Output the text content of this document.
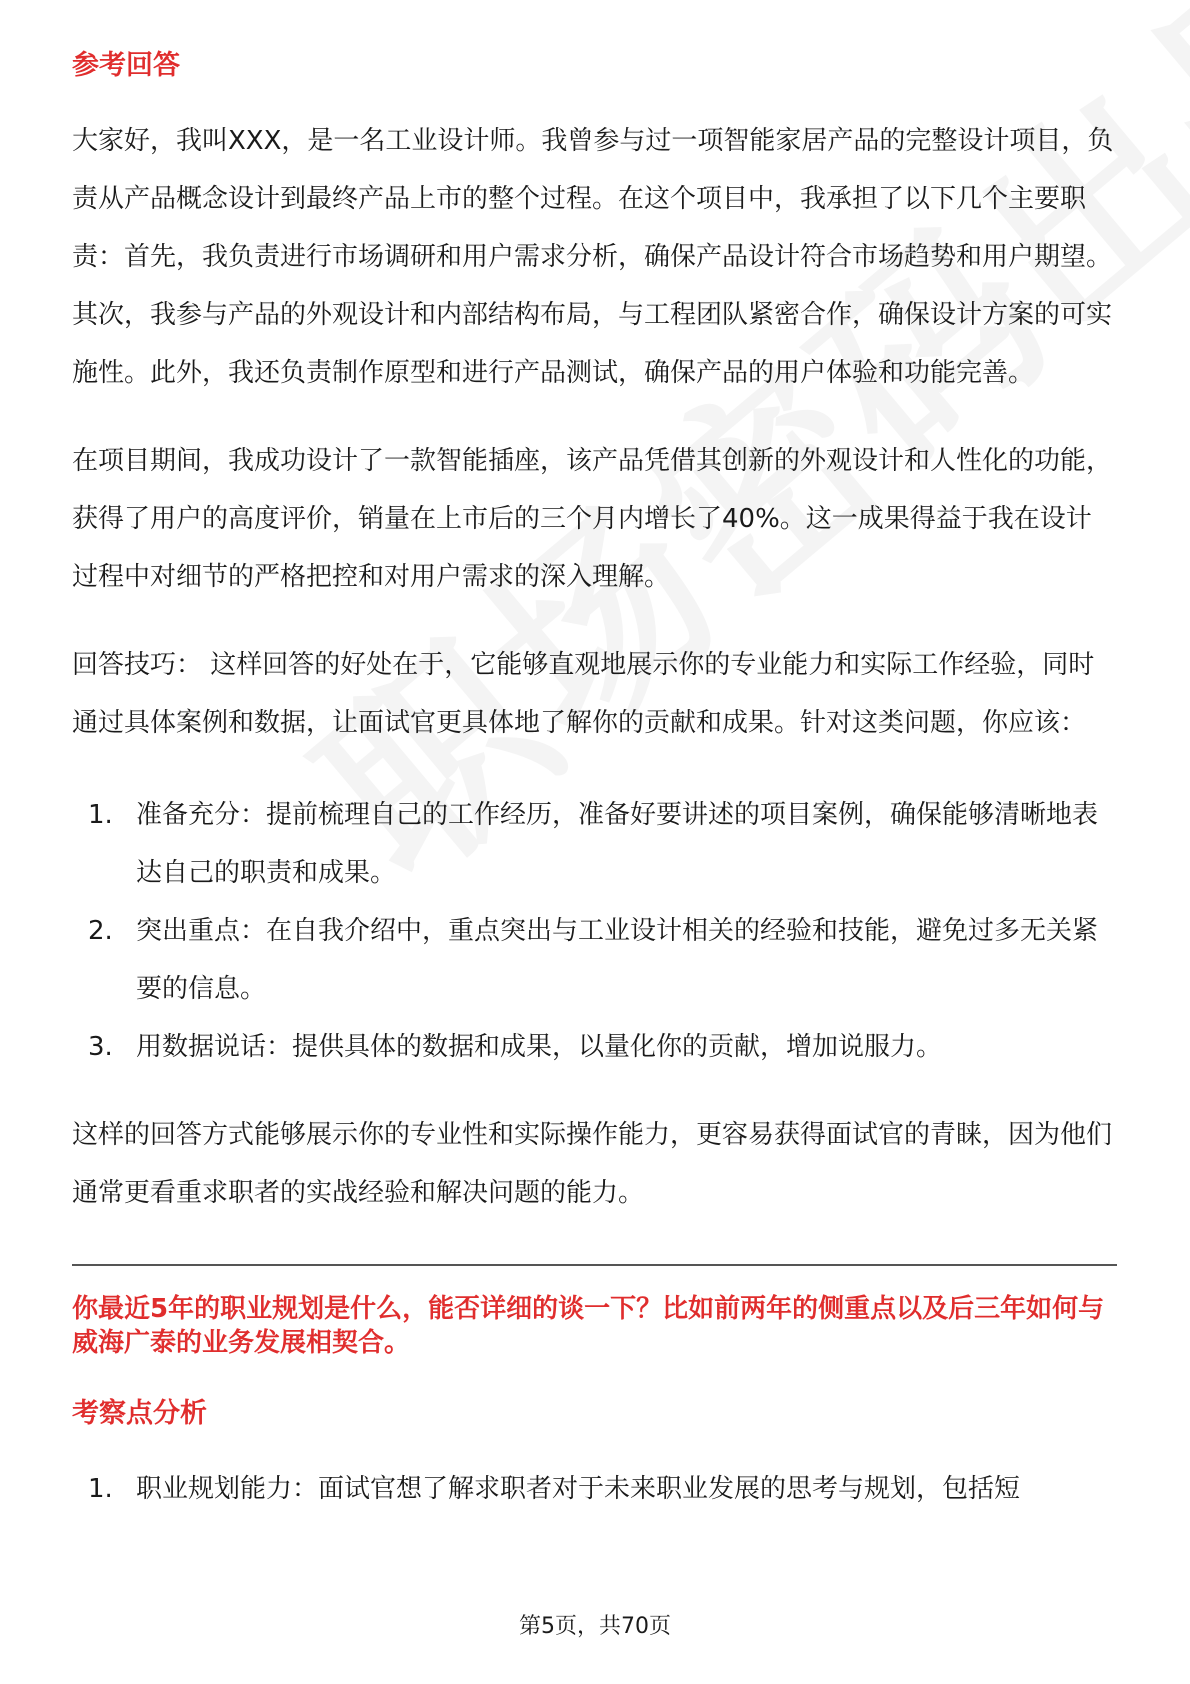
参考回答

大家好，我叫XXX，是一名工业设计师。我曾参与过一项智能家居产品的完整设计项目，负责从产品概念设计到最终产品上市的整个过程。在这个项目中，我承担了以下几个主要职责：首先，我负责进行市场调研和用户需求分析，确保产品设计符合市场趋势和用户期望。其次，我参与产品的外观设计和内部结构布局，与工程团队紧密合作，确保设计方案的可实施性。此外，我还负责制作原型和进行产品测试，确保产品的用户体验和功能完善。

在项目期间，我成功设计了一款智能插座，该产品凭借其创新的外观设计和人性化的功能，获得了用户的高度评价，销量在上市后的三个月内增长了40%。这一成果得益于我在设计过程中对细节的严格把控和对用户需求的深入理解。

回答技巧： 这样回答的好处在于，它能够直观地展示你的专业能力和实际工作经验，同时通过具体案例和数据，让面试官更具体地了解你的贡献和成果。针对这类问题，你应该：

1. 准备充分：提前梳理自己的工作经历，准备好要讲述的项目案例，确保能够清晰地表达自己的职责和成果。
2. 突出重点：在自我介绍中，重点突出与工业设计相关的经验和技能，避免过多无关紧要的信息。
3. 用数据说话：提供具体的数据和成果，以量化你的贡献，增加说服力。

这样的回答方式能够展示你的专业性和实际操作能力，更容易获得面试官的青睐，因为他们通常更看重求职者的实战经验和解决问题的能力。

你最近5年的职业规划是什么，能否详细的谈一下？比如前两年的侧重点以及后三年如何与威海广泰的业务发展相契合。
考察点分析
1. 职业规划能力：面试官想了解求职者对于未来职业发展的思考与规划，包括短
第5页，共70页
